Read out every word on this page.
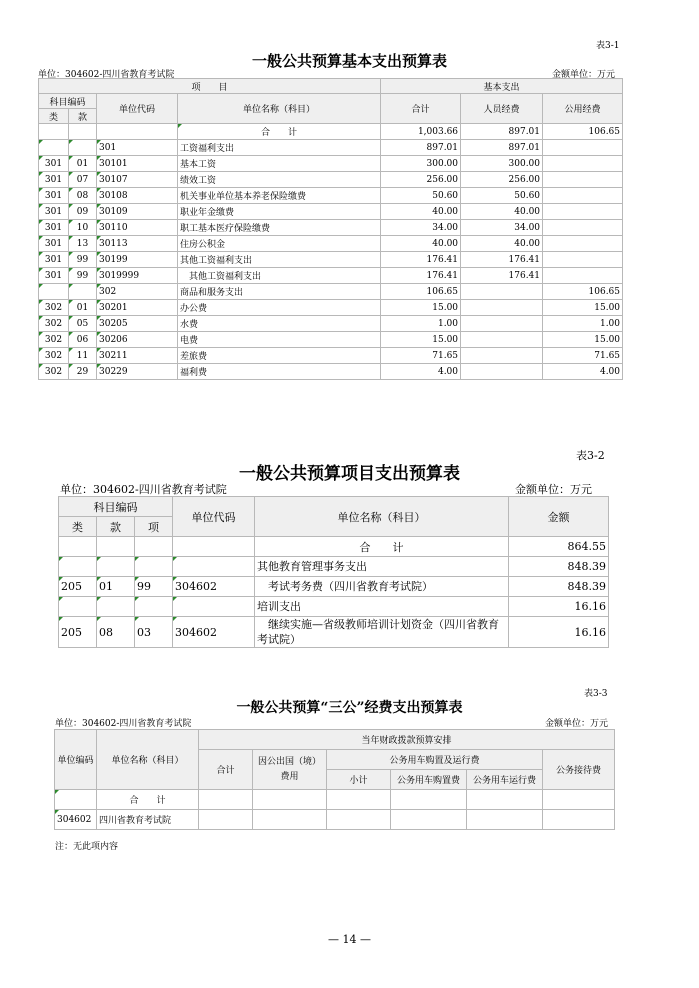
表3-1
一般公共预算基本支出预算表
单位：304602-四川省教育考试院	金额单位：万元
项　　目				基本支出		
科目编码		单位代码	单位名称（科目）	合计	人员经费	公用经费
类	款					
			合　　计	1,003.66	897.01	106.65
		301	工资福利支出	897.01	897.01	
301	01	30101	基本工资	300.00	300.00	
301	07	30107	绩效工资	256.00	256.00	
301	08	30108	机关事业单位基本养老保险缴费	50.60	50.60	
301	09	30109	职业年金缴费	40.00	40.00	
301	10	30110	职工基本医疗保险缴费	34.00	34.00	
301	13	30113	住房公积金	40.00	40.00	
301	99	30199	其他工资福利支出	176.41	176.41	
301	99	3019999	　其他工资福利支出	176.41	176.41	
		302	商品和服务支出	106.65		106.65
302	01	30201	办公费	15.00		15.00
302	05	30205	水费	1.00		1.00
302	06	30206	电费	15.00		15.00
302	11	30211	差旅费	71.65		71.65
302	29	30229	福利费	4.00		4.00
表3-2
一般公共预算项目支出预算表
单位：304602-四川省教育考试院	金额单位：万元
科目编码			单位代码	单位名称（科目）	金额
类	款	项			
				合　　计	864.55
				其他教育管理事务支出	848.39
205	01	99	304602	　考试考务费（四川省教育考试院）	848.39
				培训支出	16.16
205	08	03	304602	　继续实施—省级教师培训计划资金（四川省教育考试院）	16.16
表3-3
一般公共预算“三公”经费支出预算表
单位：304602-四川省教育考试院	金额单位：万元
单位编码	单位名称（科目）	当年财政拨款预算安排					
		合计	因公出国（境）费用	公务用车购置及运行费			公务接待费
				小计	公务用车购置费	公务用车运行费	
	合　　计						
304602	四川省教育考试院						
注：无此项内容
— 14 —
